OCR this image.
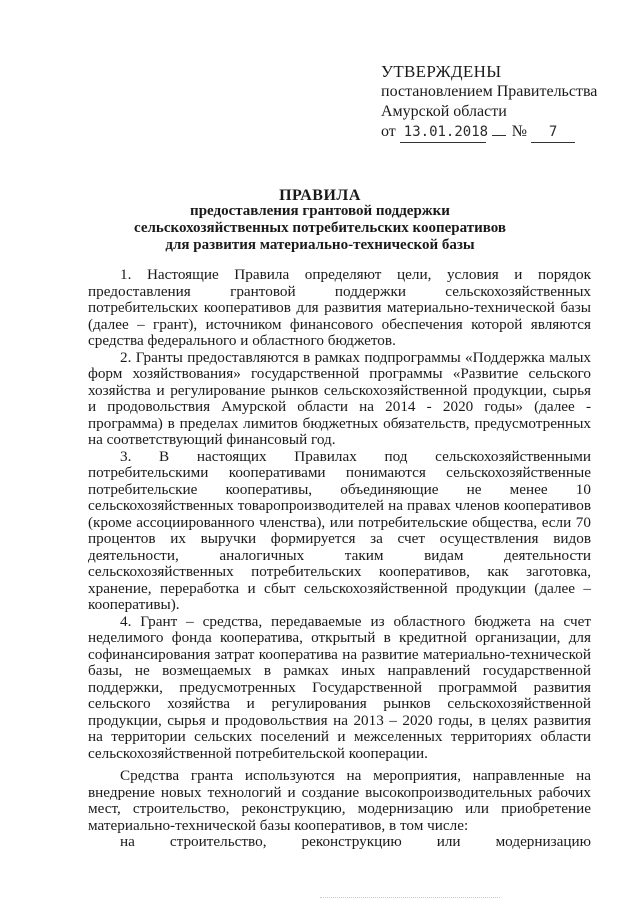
УТВЕРЖДЕНЫ
постановлением Правительства
Амурской области
от 13.01.2018 №	7
ПРАВИЛА
предоставления грантовой поддержки
сельскохозяйственных потребительских кооперативов
для развития материально-технической базы

1. Настоящие Правила определяют цели, условия и порядок предоставления грантовой поддержки сельскохозяйственных потребительских кооперативов для развития материально-технической базы (далее – грант), источником финансового обеспечения которой являются средства федерального и областного бюджетов.

2. Гранты предоставляются в рамках подпрограммы «Поддержка малых форм хозяйствования» государственной программы «Развитие сельского хозяйства и регулирование рынков сельскохозяйственной продукции, сырья и продовольствия Амурской области на 2014 - 2020 годы» (далее - программа) в пределах лимитов бюджетных обязательств, предусмотренных на соответствующий финансовый год.

3. В настоящих Правилах под сельскохозяйственными потребительскими кооперативами понимаются сельскохозяйственные потребительские кооперативы, объединяющие не менее 10 сельскохозяйственных товаропроизводителей на правах членов кооперативов (кроме ассоциированного членства), или потребительские общества, если 70 процентов их выручки формируется за счет осуществления видов деятельности, аналогичных таким видам деятельности сельскохозяйственных потребительских кооперативов, как заготовка, хранение, переработка и сбыт сельскохозяйственной продукции (далее – кооперативы).

4. Грант – средства, передаваемые из областного бюджета на счет неделимого фонда кооператива, открытый в кредитной организации, для софинансирования затрат кооператива на развитие материально-технической базы, не возмещаемых в рамках иных направлений государственной поддержки, предусмотренных Государственной программой развития сельского хозяйства и регулирования рынков сельскохозяйственной продукции, сырья и продовольствия на 2013 – 2020 годы, в целях развития на территории сельских поселений и межселенных территориях области сельскохозяйственной потребительской кооперации.

Средства гранта используются на мероприятия, направленные на внедрение новых технологий и создание высокопроизводительных рабочих мест, строительство, реконструкцию, модернизацию или приобретение материально-технической базы кооперативов, в том числе:

на строительство, реконструкцию или модернизацию
